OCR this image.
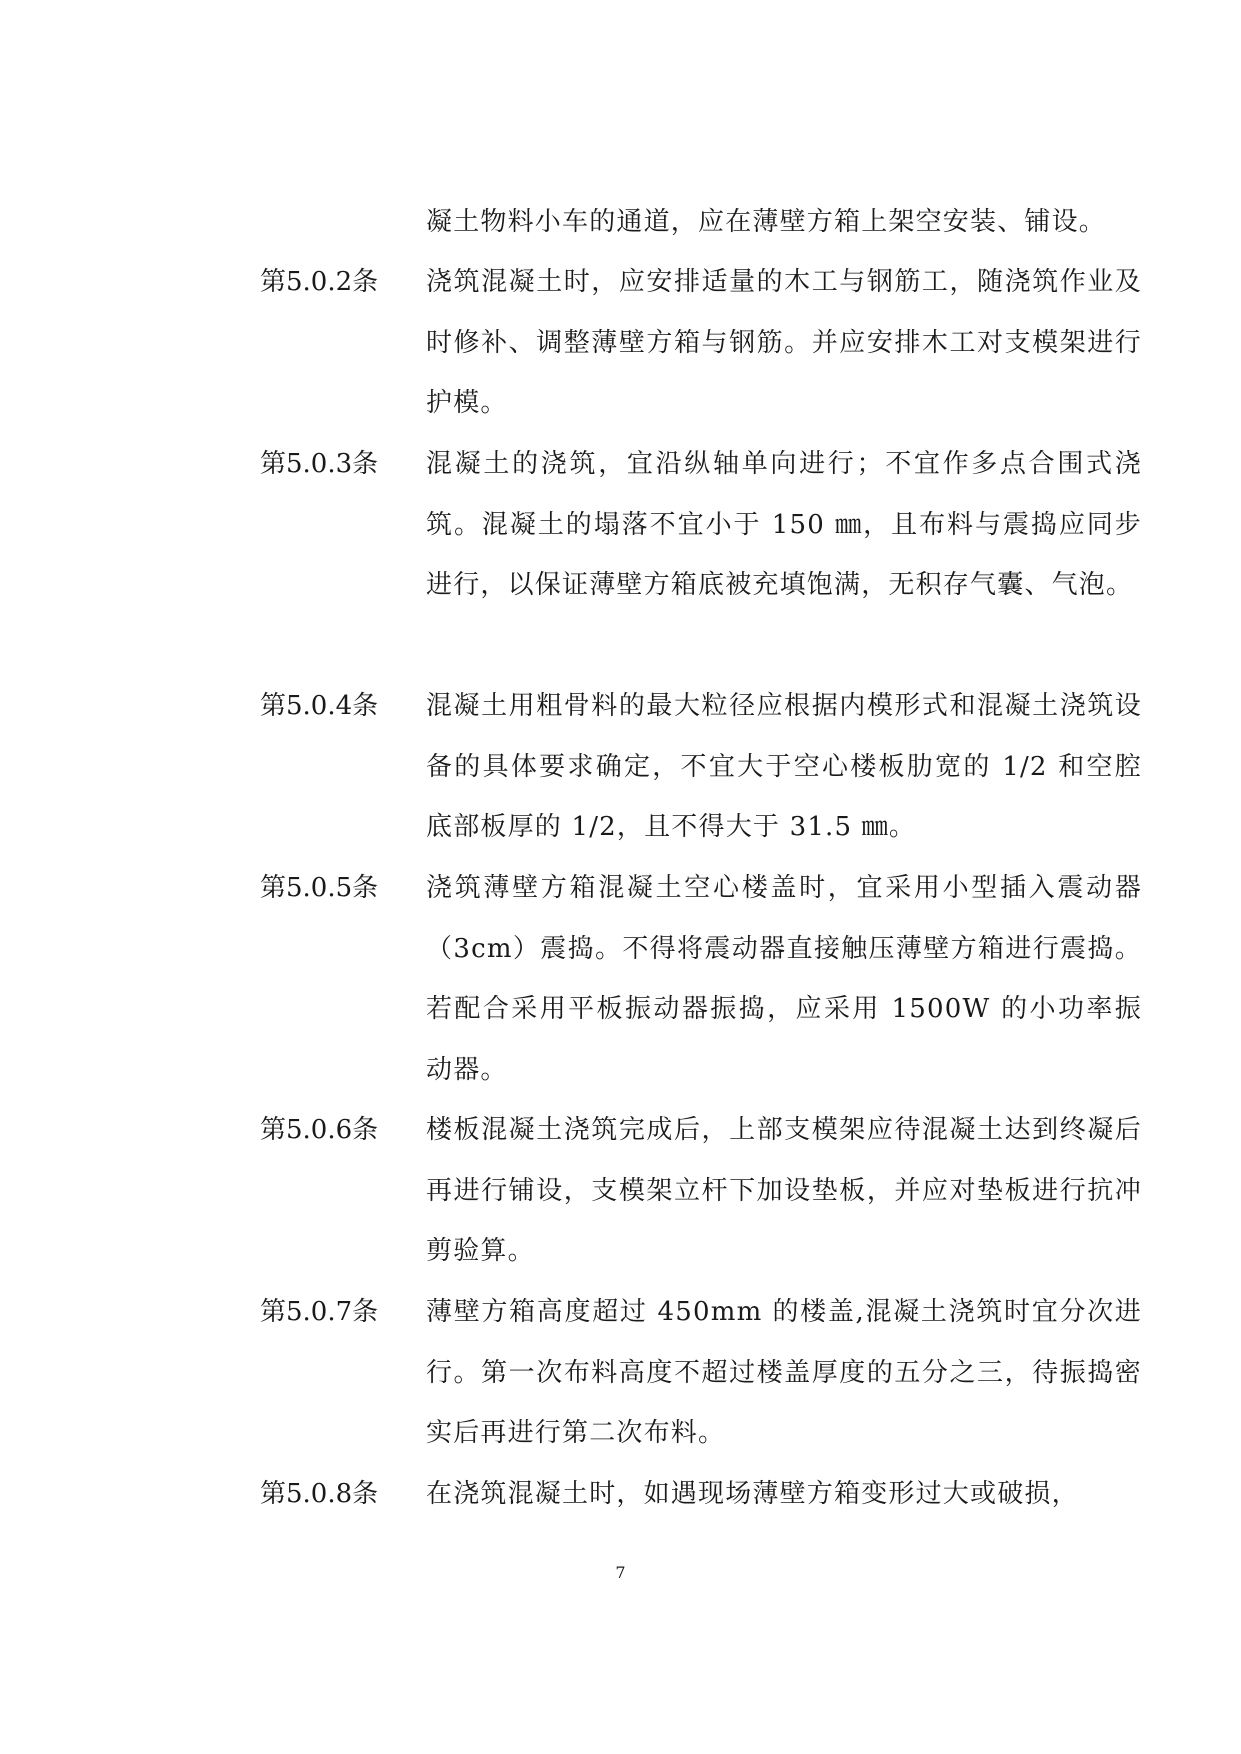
凝土物料小车的通道，应在薄壁方箱上架空安装、铺设。
第5.0.2条 浇筑混凝土时，应安排适量的木工与钢筋工，随浇筑作业及时修补、调整薄壁方箱与钢筋。并应安排木工对支模架进行护模。
第5.0.3条 混凝土的浇筑，宜沿纵轴单向进行；不宜作多点合围式浇筑。混凝土的塌落不宜小于 150 ㎜，且布料与震捣应同步进行，以保证薄壁方箱底被充填饱满，无积存气囊、气泡。
第5.0.4条 混凝土用粗骨料的最大粒径应根据内模形式和混凝土浇筑设备的具体要求确定，不宜大于空心楼板肋宽的 1/2 和空腔底部板厚的 1/2，且不得大于 31.5 ㎜。
第5.0.5条 浇筑薄壁方箱混凝土空心楼盖时，宜采用小型插入震动器（3cm）震捣。不得将震动器直接触压薄壁方箱进行震捣。若配合采用平板振动器振捣，应采用 1500W 的小功率振动器。
第5.0.6条 楼板混凝土浇筑完成后，上部支模架应待混凝土达到终凝后再进行铺设，支模架立杆下加设垫板，并应对垫板进行抗冲剪验算。
第5.0.7条 薄壁方箱高度超过 450mm 的楼盖,混凝土浇筑时宜分次进行。第一次布料高度不超过楼盖厚度的五分之三，待振捣密实后再进行第二次布料。
第5.0.8条 在浇筑混凝土时，如遇现场薄壁方箱变形过大或破损，
7
